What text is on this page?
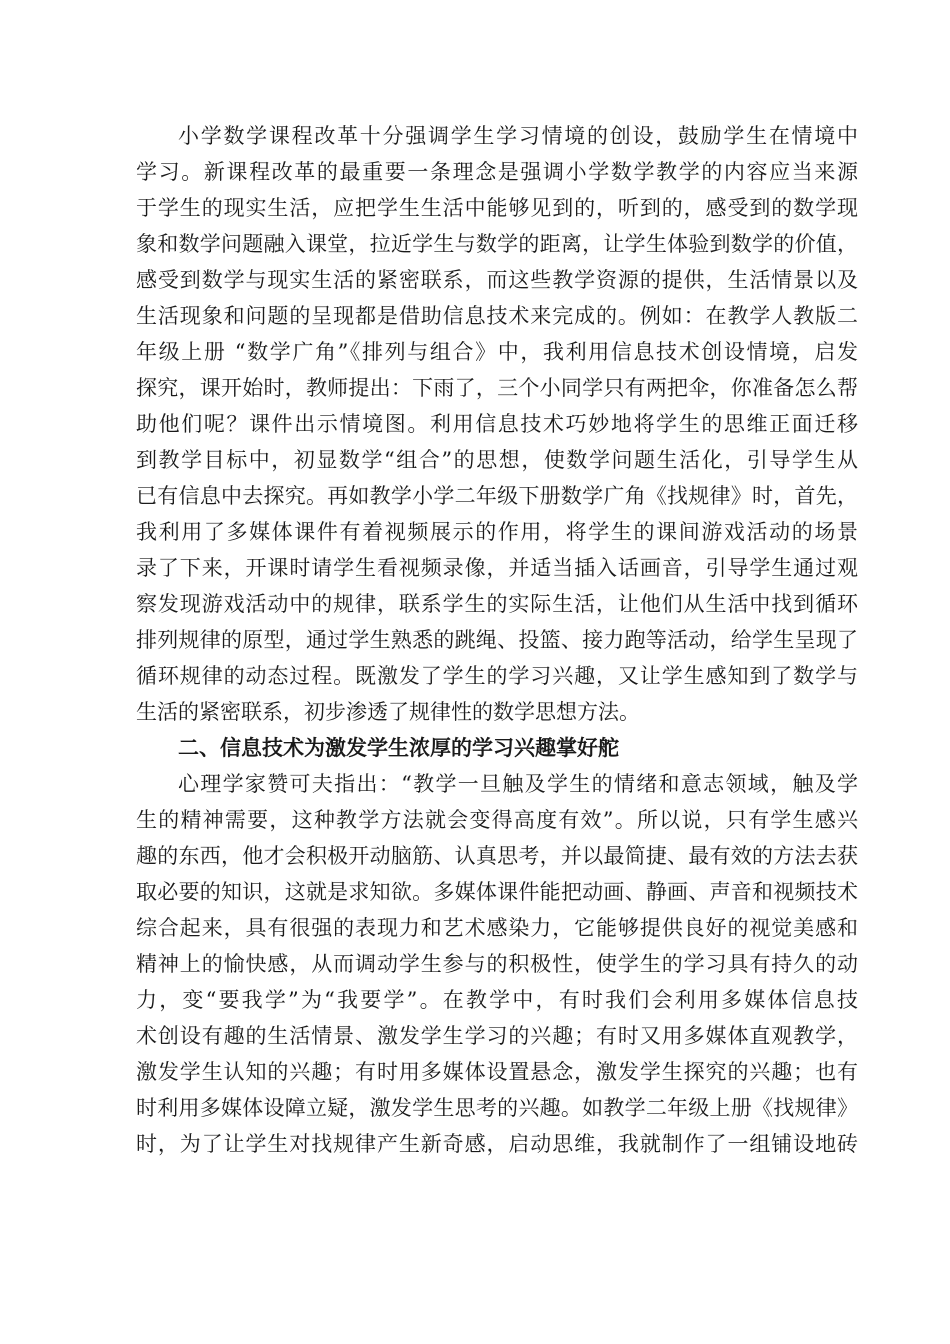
小学数学课程改革十分强调学生学习情境的创设，鼓励学生在情境中
学习。新课程改革的最重要一条理念是强调小学数学教学的内容应当来源
于学生的现实生活，应把学生生活中能够见到的，听到的，感受到的数学现
象和数学问题融入课堂，拉近学生与数学的距离，让学生体验到数学的价值，
感受到数学与现实生活的紧密联系，而这些教学资源的提供，生活情景以及
生活现象和问题的呈现都是借助信息技术来完成的。例如：在教学人教版二
年级上册 “数学广角”《排列与组合》中，我利用信息技术创设情境，启发
探究，课开始时，教师提出：下雨了，三个小同学只有两把伞，你准备怎么帮
助他们呢？课件出示情境图。利用信息技术巧妙地将学生的思维正面迁移
到教学目标中，初显数学“组合”的思想，使数学问题生活化，引导学生从
已有信息中去探究。再如教学小学二年级下册数学广角《找规律》时，首先，
我利用了多媒体课件有着视频展示的作用，将学生的课间游戏活动的场景
录了下来，开课时请学生看视频录像，并适当插入话画音，引导学生通过观
察发现游戏活动中的规律，联系学生的实际生活，让他们从生活中找到循环
排列规律的原型，通过学生熟悉的跳绳、投篮、接力跑等活动，给学生呈现了
循环规律的动态过程。既激发了学生的学习兴趣，又让学生感知到了数学与
生活的紧密联系，初步渗透了规律性的数学思想方法。
二、信息技术为激发学生浓厚的学习兴趣掌好舵
心理学家赞可夫指出：“教学一旦触及学生的情绪和意志领域，触及学
生的精神需要，这种教学方法就会变得高度有效”。所以说，只有学生感兴
趣的东西，他才会积极开动脑筋、认真思考，并以最简捷、最有效的方法去获
取必要的知识，这就是求知欲。多媒体课件能把动画、静画、声音和视频技术
综合起来，具有很强的表现力和艺术感染力，它能够提供良好的视觉美感和
精神上的愉快感，从而调动学生参与的积极性，使学生的学习具有持久的动
力，变“要我学”为“我要学”。在教学中，有时我们会利用多媒体信息技
术创设有趣的生活情景、激发学生学习的兴趣；有时又用多媒体直观教学，
激发学生认知的兴趣；有时用多媒体设置悬念，激发学生探究的兴趣；也有
时利用多媒体设障立疑，激发学生思考的兴趣。如教学二年级上册《找规律》
时，为了让学生对找规律产生新奇感，启动思维，我就制作了一组铺设地砖
